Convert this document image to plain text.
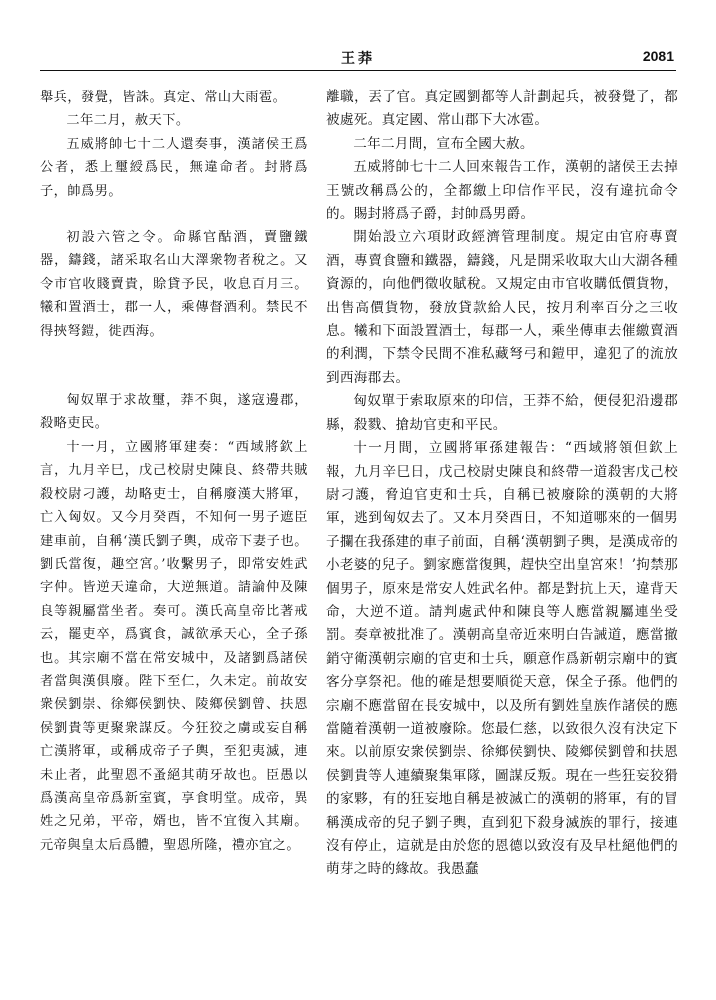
王莽	2081

舉兵，發覺，皆誅。真定、常山大雨雹。

二年二月，赦天下。

五威將帥七十二人還奏事，漢諸侯王爲公者，悉上璽綬爲民，無違命者。封將爲子，帥爲男。

初設六管之令。命縣官酤酒，賣鹽鐵器，鑄錢，諸采取名山大澤衆物者稅之。又令市官收賤賣貴，賒貸予民，收息百月三。犧和置酒士，郡一人，乘傳督酒利。禁民不得挾弩鎧，徙西海。

匈奴單于求故璽，莽不與，遂寇邊郡，殺略吏民。

十一月，立國將軍建奏：“西域將欽上言，九月辛巳，戊己校尉史陳良、終帶共賊殺校尉刁護，劫略吏士，自稱廢漢大將軍，亡入匈奴。又今月癸酉，不知何一男子遮臣建車前，自稱‘漢氏劉子輿，成帝下妻子也。劉氏當復，趣空宮。’收繫男子，即常安姓武字仲。皆逆天違命，大逆無道。請論仲及陳良等親屬當坐者。奏可。漢氏高皇帝比著戒云，罷吏卒，爲賓食，誠欲承天心，全子孫也。其宗廟不當在常安城中，及諸劉爲諸侯者當與漢俱廢。陛下至仁，久未定。前故安衆侯劉崇、徐鄉侯劉快、陵鄉侯劉曾、扶恩侯劉貴等更聚衆謀反。今狂狡之虜或妄自稱亡漢將軍，或稱成帝子子輿，至犯夷滅，連未止者，此聖恩不蚤絕其萌牙故也。臣愚以爲漢高皇帝爲新室賓，享食明堂。成帝，異姓之兄弟，平帝，婿也，皆不宜復入其廟。元帝與皇太后爲體，聖恩所隆，禮亦宜之。

離職，丟了官。真定國劉都等人計劃起兵，被發覺了，都被處死。真定國、常山郡下大冰雹。

二年二月間，宣布全國大赦。

五威將帥七十二人回來報告工作，漢朝的諸侯王去掉王號改稱爲公的，全都繳上印信作平民，沒有違抗命令的。賜封將爲子爵，封帥爲男爵。

開始設立六項財政經濟管理制度。規定由官府專賣酒，專賣食鹽和鐵器，鑄錢，凡是開采收取大山大湖各種資源的，向他們徵收賦稅。又規定由市官收購低價貨物，出售高價貨物，發放貸款給人民，按月利率百分之三收息。犧和下面設置酒士，每郡一人，乘坐傳車去催繳賣酒的利潤，下禁令民間不准私藏弩弓和鎧甲，違犯了的流放到西海郡去。

匈奴單于索取原來的印信，王莽不給，便侵犯沿邊郡縣，殺戮、搶劫官吏和平民。

十一月間，立國將軍孫建報告：“西域將領但欽上報，九月辛巳日，戊己校尉史陳良和終帶一道殺害戊己校尉刁護，脅迫官吏和士兵，自稱已被廢除的漢朝的大將軍，逃到匈奴去了。又本月癸酉日，不知道哪來的一個男子攔在我孫建的車子前面，自稱‘漢朝劉子輿，是漢成帝的小老婆的兒子。劉家應當復興，趕快空出皇宮來！’拘禁那個男子，原來是常安人姓武名仲。都是對抗上天，違背天命，大逆不道。請判處武仲和陳良等人應當親屬連坐受罰。奏章被批准了。漢朝高皇帝近來明白告誡道，應當撤銷守衛漢朝宗廟的官吏和士兵，願意作爲新朝宗廟中的賓客分享祭祀。他的確是想要順從天意，保全子孫。他們的宗廟不應當留在長安城中，以及所有劉姓皇族作諸侯的應當隨着漢朝一道被廢除。您最仁慈，以致很久沒有決定下來。以前原安衆侯劉崇、徐鄉侯劉快、陵鄉侯劉曾和扶恩侯劉貴等人連續聚集軍隊，圖謀反叛。現在一些狂妄狡猾的家夥，有的狂妄地自稱是被滅亡的漢朝的將軍，有的冒稱漢成帝的兒子劉子輿，直到犯下殺身滅族的罪行，接連沒有停止，這就是由於您的恩德以致沒有及早杜絕他們的萌芽之時的緣故。我愚蠢
